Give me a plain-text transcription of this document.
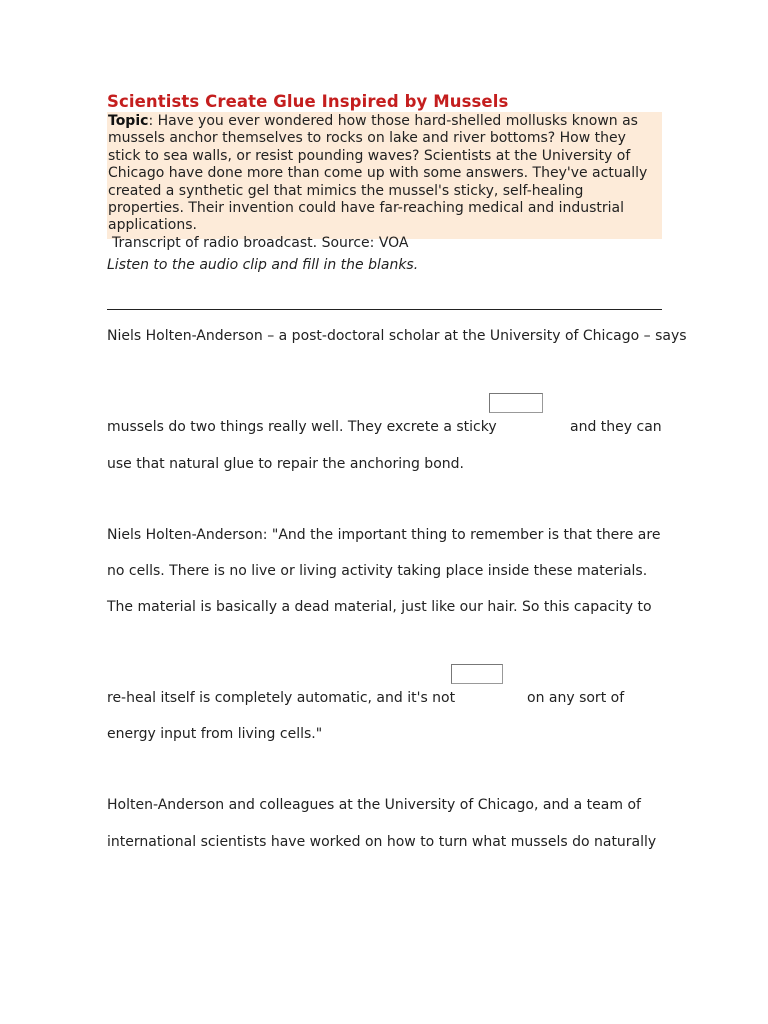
Scientists Create Glue Inspired by Mussels
Topic: Have you ever wondered how those hard-shelled mollusks known as mussels anchor themselves to rocks on lake and river bottoms? How they stick to sea walls, or resist pounding waves? Scientists at the University of Chicago have done more than come up with some answers. They've actually created a synthetic gel that mimics the mussel's sticky, self-healing properties. Their invention could have far-reaching medical and industrial applications.
Transcript of radio broadcast. Source: VOA

Listen to the audio clip and fill in the blanks.

Niels Holten-Anderson – a post-doctoral scholar at the University of Chicago – says

mussels do two things really well. They excrete a sticky	and they can

use that natural glue to repair the anchoring bond.

Niels Holten-Anderson: "And the important thing to remember is that there are

no cells. There is no live or living activity taking place inside these materials.

The material is basically a dead material, just like our hair. So this capacity to

re-heal itself is completely automatic, and it's not	on any sort of

energy input from living cells."

Holten-Anderson and colleagues at the University of Chicago, and a team of

international scientists have worked on how to turn what mussels do naturally
